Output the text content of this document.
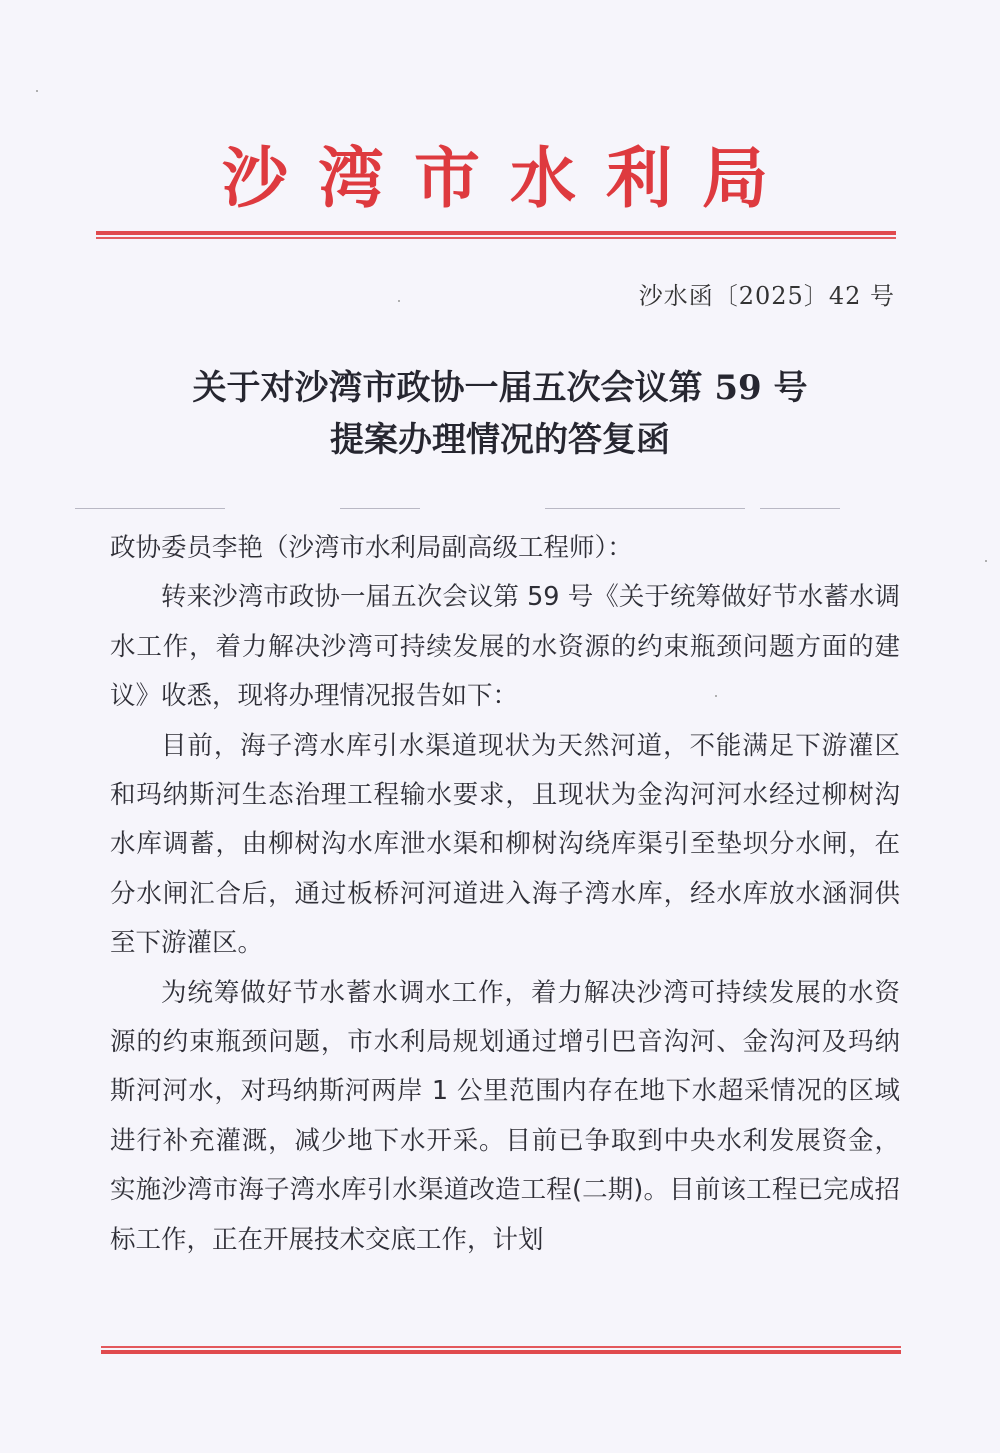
沙湾市水利局
沙水函〔2025〕42 号
关于对沙湾市政协一届五次会议第 59 号
提案办理情况的答复函

政协委员李艳（沙湾市水利局副高级工程师）：

转来沙湾市政协一届五次会议第 59 号《关于统筹做好节水蓄水调水工作，着力解决沙湾可持续发展的水资源的约束瓶颈问题方面的建议》收悉，现将办理情况报告如下：

目前，海子湾水库引水渠道现状为天然河道，不能满足下游灌区和玛纳斯河生态治理工程输水要求，且现状为金沟河河水经过柳树沟水库调蓄，由柳树沟水库泄水渠和柳树沟绕库渠引至垫坝分水闸，在分水闸汇合后，通过板桥河河道进入海子湾水库，经水库放水涵洞供至下游灌区。

为统筹做好节水蓄水调水工作，着力解决沙湾可持续发展的水资源的约束瓶颈问题，市水利局规划通过增引巴音沟河、金沟河及玛纳斯河河水，对玛纳斯河两岸 1 公里范围内存在地下水超采情况的区域进行补充灌溉，减少地下水开采。目前已争取到中央水利发展资金，实施沙湾市海子湾水库引水渠道改造工程(二期)。目前该工程已完成招标工作，正在开展技术交底工作，计划
